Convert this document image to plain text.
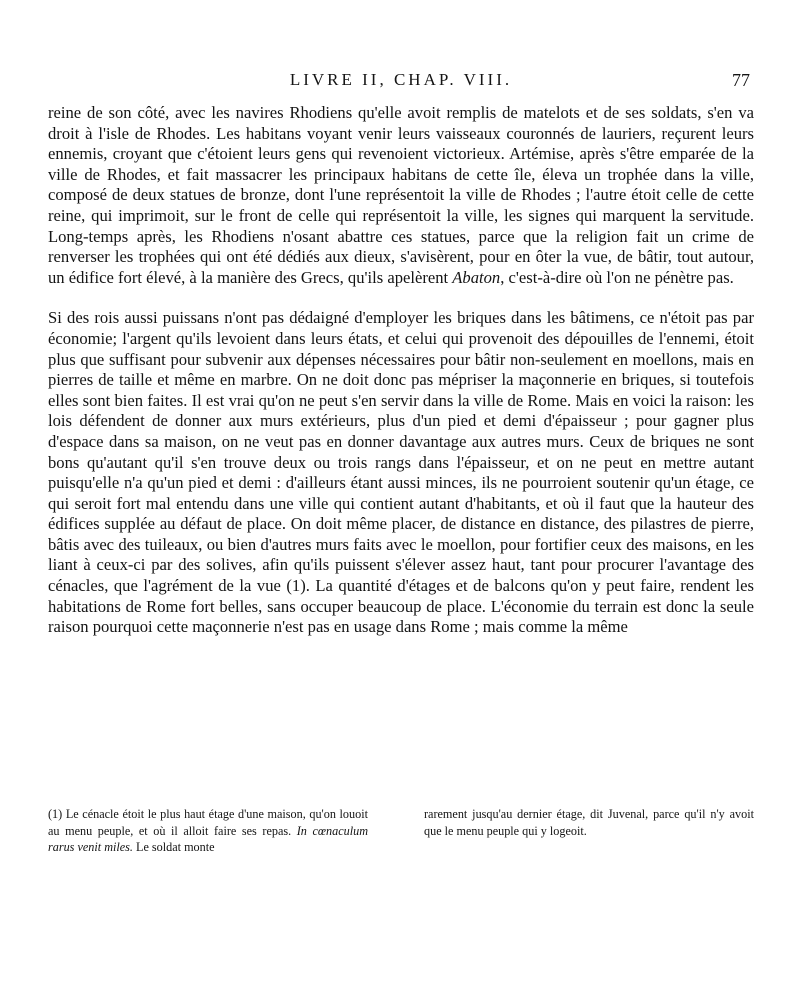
LIVRE II, CHAP. VIII.	77

reine de son côté, avec les navires Rhodiens qu'elle avoit remplis de matelots et de ses soldats, s'en va droit à l'isle de Rhodes. Les habitans voyant venir leurs vaisseaux couronnés de lauriers, reçurent leurs ennemis, croyant que c'étoient leurs gens qui revenoient victorieux. Artémise, après s'être emparée de la ville de Rhodes, et fait massacrer les principaux habitans de cette île, éleva un trophée dans la ville, composé de deux statues de bronze, dont l'une représentoit la ville de Rhodes ; l'autre étoit celle de cette reine, qui imprimoit, sur le front de celle qui représentoit la ville, les signes qui marquent la servitude. Long-temps après, les Rhodiens n'osant abattre ces statues, parce que la religion fait un crime de renverser les trophées qui ont été dédiés aux dieux, s'avisèrent, pour en ôter la vue, de bâtir, tout autour, un édifice fort élevé, à la manière des Grecs, qu'ils apelèrent Abaton, c'est-à-dire où l'on ne pénètre pas.

Si des rois aussi puissans n'ont pas dédaigné d'employer les briques dans les bâtimens, ce n'étoit pas par économie; l'argent qu'ils levoient dans leurs états, et celui qui provenoit des dépouilles de l'ennemi, étoit plus que suffisant pour subvenir aux dépenses nécessaires pour bâtir non-seulement en moellons, mais en pierres de taille et même en marbre. On ne doit donc pas mépriser la maçonnerie en briques, si toutefois elles sont bien faites. Il est vrai qu'on ne peut s'en servir dans la ville de Rome. Mais en voici la raison: les lois défendent de donner aux murs extérieurs, plus d'un pied et demi d'épaisseur ; pour gagner plus d'espace dans sa maison, on ne veut pas en donner davantage aux autres murs. Ceux de briques ne sont bons qu'autant qu'il s'en trouve deux ou trois rangs dans l'épaisseur, et on ne peut en mettre autant puisqu'elle n'a qu'un pied et demi : d'ailleurs étant aussi minces, ils ne pourroient soutenir qu'un étage, ce qui seroit fort mal entendu dans une ville qui contient autant d'habitants, et où il faut que la hauteur des édifices supplée au défaut de place. On doit même placer, de distance en distance, des pilastres de pierre, bâtis avec des tuileaux, ou bien d'autres murs faits avec le moellon, pour fortifier ceux des maisons, en les liant à ceux-ci par des solives, afin qu'ils puissent s'élever assez haut, tant pour procurer l'avantage des cénacles, que l'agrément de la vue (1). La quantité d'étages et de balcons qu'on y peut faire, rendent les habitations de Rome fort belles, sans occuper beaucoup de place. L'économie du terrain est donc la seule raison pourquoi cette maçonnerie n'est pas en usage dans Rome ; mais comme la même

(1) Le cénacle étoit le plus haut étage d'une maison, qu'on louoit au menu peuple, et où il alloit faire ses repas. In cœnaculum rarus venit miles. Le soldat monte
rarement jusqu'au dernier étage, dit Juvenal, parce qu'il n'y avoit que le menu peuple qui y logeoit.
